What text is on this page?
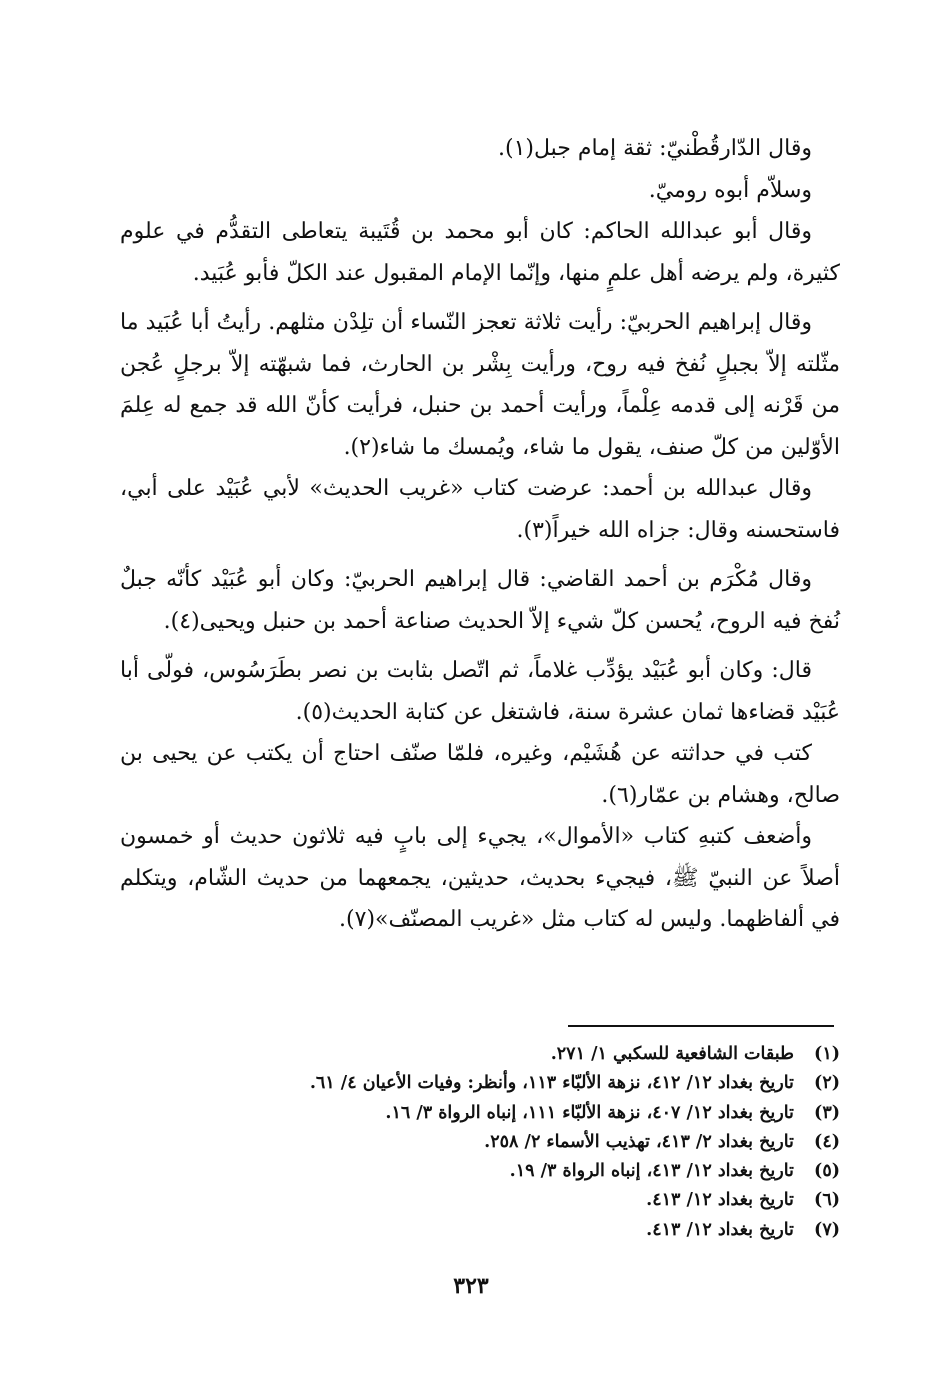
وقال الدّارقُطْنيّ: ثقة إمام جبل(١).

وسلاّم أبوه روميّ.

وقال أبو عبدالله الحاكم: كان أبو محمد بن قُتَيبة يتعاطى التقدُّم في علوم كثيرة، ولم يرضه أهل علمٍ منها، وإنّما الإمام المقبول عند الكلّ فأبو عُبَيد.

وقال إبراهيم الحربيّ: رأيت ثلاثة تعجز النّساء أن تلِدْن مثلهم. رأيتُ أبا عُبَيد ما مثّلته إلاّ بجبلٍ نُفخ فيه روح، ورأيت بِشْر بن الحارث، فما شبهّته إلاّ برجلٍ عُجن من قَرْنه إلى قدمه عِلْماً، ورأيت أحمد بن حنبل، فرأيت كأنّ الله قد جمع له عِلمَ الأوّلين من كلّ صنف، يقول ما شاء، ويُمسك ما شاء(٢).

وقال عبدالله بن أحمد: عرضت كتاب «غريب الحديث» لأبي عُبَيْد على أبي، فاستحسنه وقال: جزاه الله خيراً(٣).

وقال مُكْرَم بن أحمد القاضي: قال إبراهيم الحربيّ: وكان أبو عُبَيْد كأنّه جبلٌ نُفخ فيه الروح، يُحسن كلّ شيء إلاّ الحديث صناعة أحمد بن حنبل ويحيى(٤).

قال: وكان أبو عُبَيْد يؤدِّب غلاماً، ثم اتّصل بثابت بن نصر بطَرَسُوس، فولّى أبا عُبَيْد قضاءها ثمان عشرة سنة، فاشتغل عن كتابة الحديث(٥).

كتب في حداثته عن هُشَيْم، وغيره، فلمّا صنّف احتاج أن يكتب عن يحيى بن صالح، وهشام بن عمّار(٦).

وأضعف كتبهِ كتاب «الأموال»، يجيء إلى بابٍ فيه ثلاثون حديث أو خمسون أصلاً عن النبيّ ﷺ، فيجيء بحديث، حديثين، يجمعهما من حديث الشّام، ويتكلم في ألفاظهما. وليس له كتاب مثل «غريب المصنّف»(٧).

(١) طبقات الشافعية للسكبي ١/ ٢٧١.
(٢) تاريخ بغداد ١٢/ ٤١٢، نزهة الألبّاء ١١٣، وأنظر: وفيات الأعيان ٤/ ٦١.
(٣) تاريخ بغداد ١٢/ ٤٠٧، نزهة الألبّاء ١١١، إنباه الرواة ٣/ ١٦.
(٤) تاريخ بغداد ٢/ ٤١٣، تهذيب الأسماء ٢/ ٢٥٨.
(٥) تاريخ بغداد ١٢/ ٤١٣، إنباه الرواة ٣/ ١٩.
(٦) تاريخ بغداد ١٢/ ٤١٣.
(٧) تاريخ بغداد ١٢/ ٤١٣.
٣٢٣
